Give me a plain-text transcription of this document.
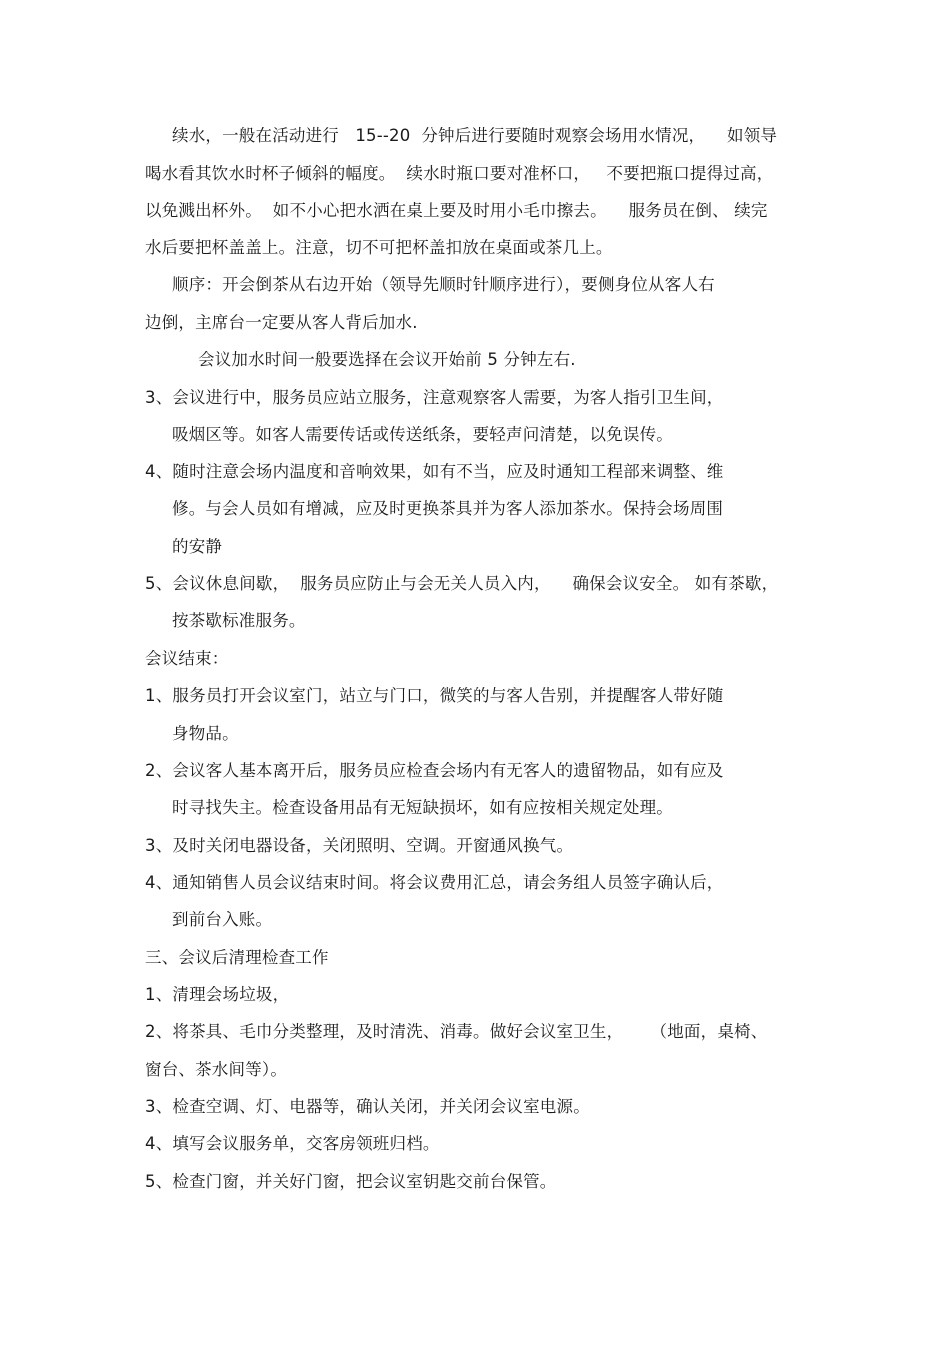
续水，一般在活动进行   15--20  分钟后进行要随时观察会场用水情况，    如领导
喝水看其饮水时杯子倾斜的幅度。  续水时瓶口要对准杯口，   不要把瓶口提得过高，
以免溅出杯外。  如不小心把水洒在桌上要及时用小毛巾擦去。    服务员在倒、 续完
水后要把杯盖盖上。注意，切不可把杯盖扣放在桌面或茶几上。
顺序：开会倒茶从右边开始（领导先顺时针顺序进行），要侧身位从客人右
边倒，主席台一定要从客人背后加水.
会议加水时间一般要选择在会议开始前 5 分钟左右.
3、会议进行中，服务员应站立服务，注意观察客人需要，为客人指引卫生间，
吸烟区等。如客人需要传话或传送纸条，要轻声问清楚，以免误传。
4、随时注意会场内温度和音响效果，如有不当，应及时通知工程部来调整、维
修。与会人员如有增减，应及时更换茶具并为客人添加茶水。保持会场周围
的安静
5、会议休息间歇，  服务员应防止与会无关人员入内，    确保会议安全。 如有茶歇，
按茶歇标准服务。
会议结束：
1、服务员打开会议室门，站立与门口，微笑的与客人告别，并提醒客人带好随
身物品。
2、会议客人基本离开后，服务员应检查会场内有无客人的遗留物品，如有应及
时寻找失主。检查设备用品有无短缺损坏，如有应按相关规定处理。
3、及时关闭电器设备，关闭照明、空调。开窗通风换气。
4、通知销售人员会议结束时间。将会议费用汇总，请会务组人员签字确认后，
到前台入账。
三、会议后清理检查工作
1、清理会场垃圾，
2、将茶具、毛巾分类整理，及时清洗、消毒。做好会议室卫生，     （地面，桌椅、
窗台、茶水间等）。
3、检查空调、灯、电器等，确认关闭，并关闭会议室电源。
4、填写会议服务单，交客房领班归档。
5、检查门窗，并关好门窗，把会议室钥匙交前台保管。
